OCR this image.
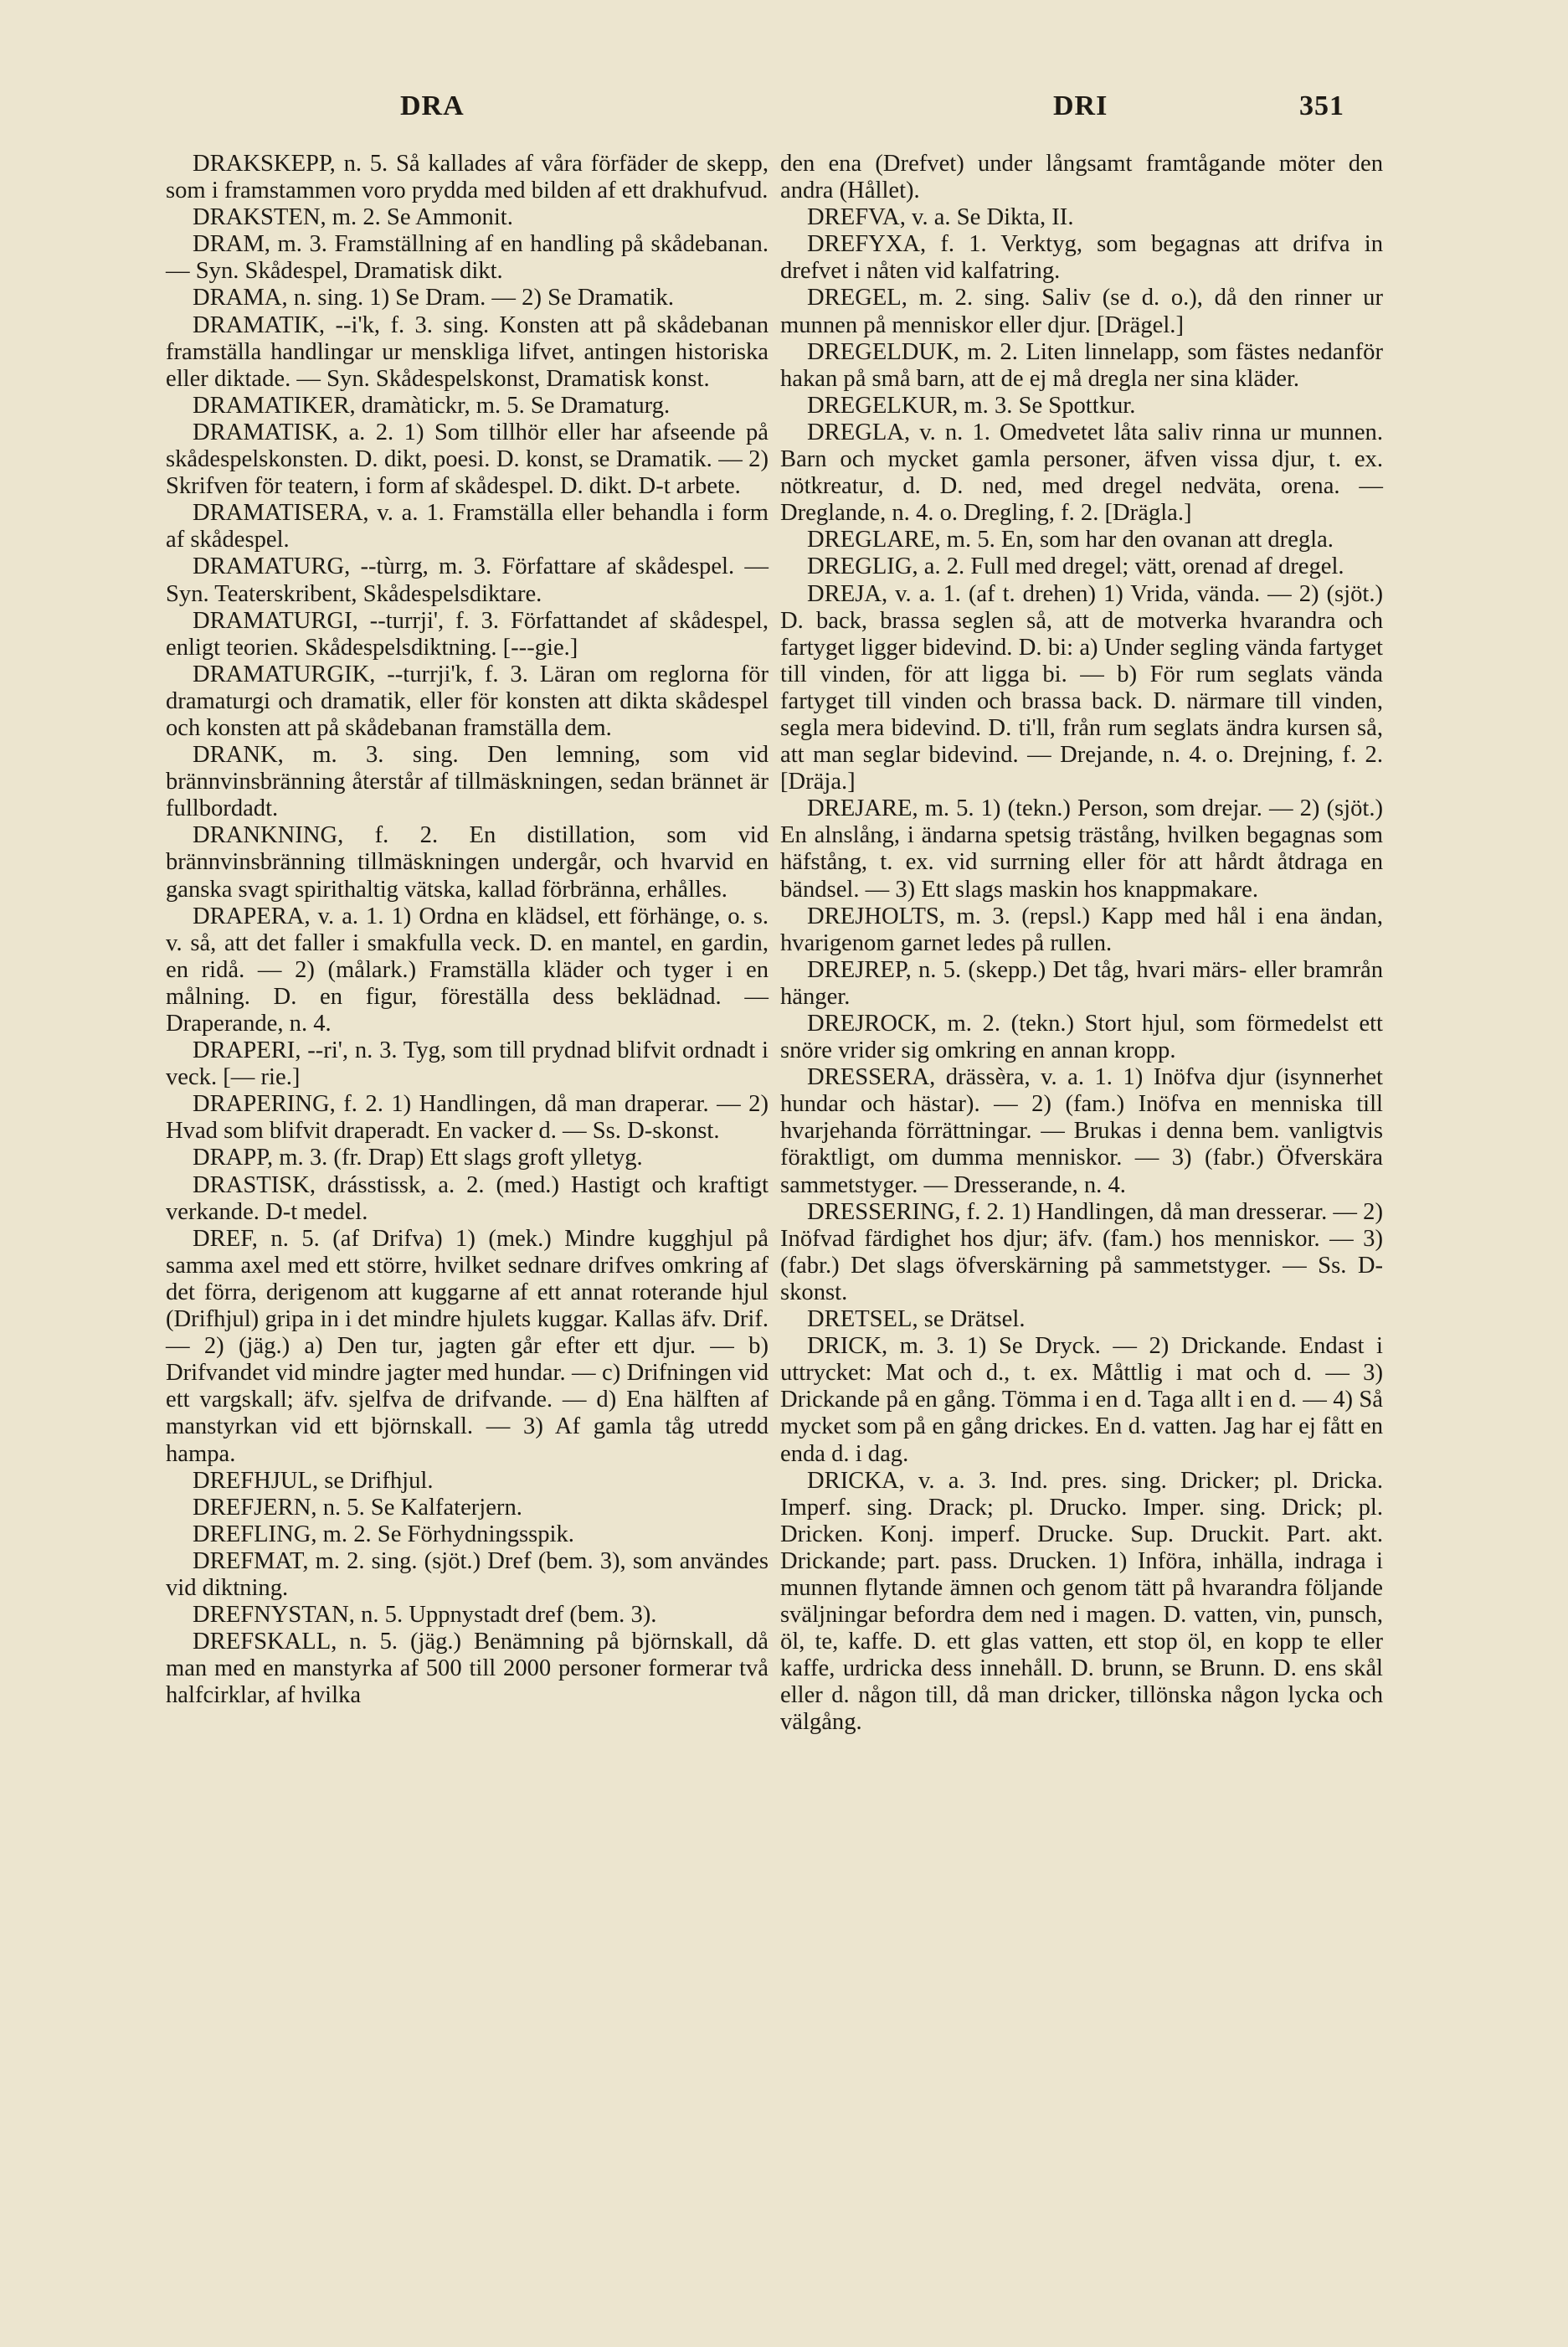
DRA	DRI	351

DRAKSKEPP, n. 5. Så kallades af våra förfäder de skepp, som i framstammen voro prydda med bilden af ett drakhufvud.

DRAKSTEN, m. 2. Se Ammonit.

DRAM, m. 3. Framställning af en handling på skådebanan. — Syn. Skådespel, Dramatisk dikt.

DRAMA, n. sing. 1) Se Dram. — 2) Se Dramatik.

DRAMATIK, --i'k, f. 3. sing. Konsten att på skådebanan framställa handlingar ur menskliga lifvet, antingen historiska eller diktade. — Syn. Skådespelskonst, Dramatisk konst.

DRAMATIKER, dramàtickr, m. 5. Se Dramaturg.

DRAMATISK, a. 2. 1) Som tillhör eller har afseende på skådespelskonsten. D. dikt, poesi. D. konst, se Dramatik. — 2) Skrifven för teatern, i form af skådespel. D. dikt. D-t arbete.

DRAMATISERA, v. a. 1. Framställa eller behandla i form af skådespel.

DRAMATURG, --tùrrg, m. 3. Författare af skådespel. — Syn. Teaterskribent, Skådespelsdiktare.

DRAMATURGI, --turrji', f. 3. Författandet af skådespel, enligt teorien. Skådespelsdiktning. [---gie.]

DRAMATURGIK, --turrji'k, f. 3. Läran om reglorna för dramaturgi och dramatik, eller för konsten att dikta skådespel och konsten att på skådebanan framställa dem.

DRANK, m. 3. sing. Den lemning, som vid brännvinsbränning återstår af tillmäskningen, sedan brännet är fullbordadt.

DRANKNING, f. 2. En distillation, som vid brännvinsbränning tillmäskningen undergår, och hvarvid en ganska svagt spirithaltig vätska, kallad förbränna, erhålles.

DRAPERA, v. a. 1. 1) Ordna en klädsel, ett förhänge, o. s. v. så, att det faller i smakfulla veck. D. en mantel, en gardin, en ridå. — 2) (målark.) Framställa kläder och tyger i en målning. D. en figur, föreställa dess beklädnad. — Draperande, n. 4.

DRAPERI, --ri', n. 3. Tyg, som till prydnad blifvit ordnadt i veck. [— rie.]

DRAPERING, f. 2. 1) Handlingen, då man draperar. — 2) Hvad som blifvit draperadt. En vacker d. — Ss. D-skonst.

DRAPP, m. 3. (fr. Drap) Ett slags groft ylletyg.

DRASTISK, drásstissk, a. 2. (med.) Hastigt och kraftigt verkande. D-t medel.

DREF, n. 5. (af Drifva) 1) (mek.) Mindre kugghjul på samma axel med ett större, hvilket sednare drifves omkring af det förra, derigenom att kuggarne af ett annat roterande hjul (Drifhjul) gripa in i det mindre hjulets kuggar. Kallas äfv. Drif. — 2) (jäg.) a) Den tur, jagten går efter ett djur. — b) Drifvandet vid mindre jagter med hundar. — c) Drifningen vid ett vargskall; äfv. sjelfva de drifvande. — d) Ena hälften af manstyrkan vid ett björnskall. — 3) Af gamla tåg utredd hampa.

DREFHJUL, se Drifhjul.

DREFJERN, n. 5. Se Kalfaterjern.

DREFLING, m. 2. Se Förhydningsspik.

DREFMAT, m. 2. sing. (sjöt.) Dref (bem. 3), som användes vid diktning.

DREFNYSTAN, n. 5. Uppnystadt dref (bem. 3).

DREFSKALL, n. 5. (jäg.) Benämning på björnskall, då man med en manstyrka af 500 till 2000 personer formerar två halfcirklar, af hvilka

den ena (Drefvet) under långsamt framtågande möter den andra (Hållet).

DREFVA, v. a. Se Dikta, II.

DREFYXA, f. 1. Verktyg, som begagnas att drifva in drefvet i nåten vid kalfatring.

DREGEL, m. 2. sing. Saliv (se d. o.), då den rinner ur munnen på menniskor eller djur. [Drägel.]

DREGELDUK, m. 2. Liten linnelapp, som fästes nedanför hakan på små barn, att de ej må dregla ner sina kläder.

DREGELKUR, m. 3. Se Spottkur.

DREGLA, v. n. 1. Omedvetet låta saliv rinna ur munnen. Barn och mycket gamla personer, äfven vissa djur, t. ex. nötkreatur, d. D. ned, med dregel nedväta, orena. — Dreglande, n. 4. o. Dregling, f. 2. [Drägla.]

DREGLARE, m. 5. En, som har den ovanan att dregla.

DREGLIG, a. 2. Full med dregel; vätt, orenad af dregel.

DREJA, v. a. 1. (af t. drehen) 1) Vrida, vända. — 2) (sjöt.) D. back, brassa seglen så, att de motverka hvarandra och fartyget ligger bidevind. D. bi: a) Under segling vända fartyget till vinden, för att ligga bi. — b) För rum seglats vända fartyget till vinden och brassa back. D. närmare till vinden, segla mera bidevind. D. ti'll, från rum seglats ändra kursen så, att man seglar bidevind. — Drejande, n. 4. o. Drejning, f. 2. [Dräja.]

DREJARE, m. 5. 1) (tekn.) Person, som drejar. — 2) (sjöt.) En alnslång, i ändarna spetsig trästång, hvilken begagnas som häfstång, t. ex. vid surrning eller för att hårdt åtdraga en bändsel. — 3) Ett slags maskin hos knappmakare.

DREJHOLTS, m. 3. (repsl.) Kapp med hål i ena ändan, hvarigenom garnet ledes på rullen.

DREJREP, n. 5. (skepp.) Det tåg, hvari märs- eller bramrån hänger.

DREJROCK, m. 2. (tekn.) Stort hjul, som förmedelst ett snöre vrider sig omkring en annan kropp.

DRESSERA, drässèra, v. a. 1. 1) Inöfva djur (isynnerhet hundar och hästar). — 2) (fam.) Inöfva en menniska till hvarjehanda förrättningar. — Brukas i denna bem. vanligtvis föraktligt, om dumma menniskor. — 3) (fabr.) Öfverskära sammetstyger. — Dresserande, n. 4.

DRESSERING, f. 2. 1) Handlingen, då man dresserar. — 2) Inöfvad färdighet hos djur; äfv. (fam.) hos menniskor. — 3) (fabr.) Det slags öfverskärning på sammetstyger. — Ss. D-skonst.

DRETSEL, se Drätsel.

DRICK, m. 3. 1) Se Dryck. — 2) Drickande. Endast i uttrycket: Mat och d., t. ex. Måttlig i mat och d. — 3) Drickande på en gång. Tömma i en d. Taga allt i en d. — 4) Så mycket som på en gång drickes. En d. vatten. Jag har ej fått en enda d. i dag.

DRICKA, v. a. 3. Ind. pres. sing. Dricker; pl. Dricka. Imperf. sing. Drack; pl. Drucko. Imper. sing. Drick; pl. Dricken. Konj. imperf. Drucke. Sup. Druckit. Part. akt. Drickande; part. pass. Drucken. 1) Införa, inhälla, indraga i munnen flytande ämnen och genom tätt på hvarandra följande sväljningar befordra dem ned i magen. D. vatten, vin, punsch, öl, te, kaffe. D. ett glas vatten, ett stop öl, en kopp te eller kaffe, urdricka dess innehåll. D. brunn, se Brunn. D. ens skål eller d. någon till, då man dricker, tillönska någon lycka och välgång.
